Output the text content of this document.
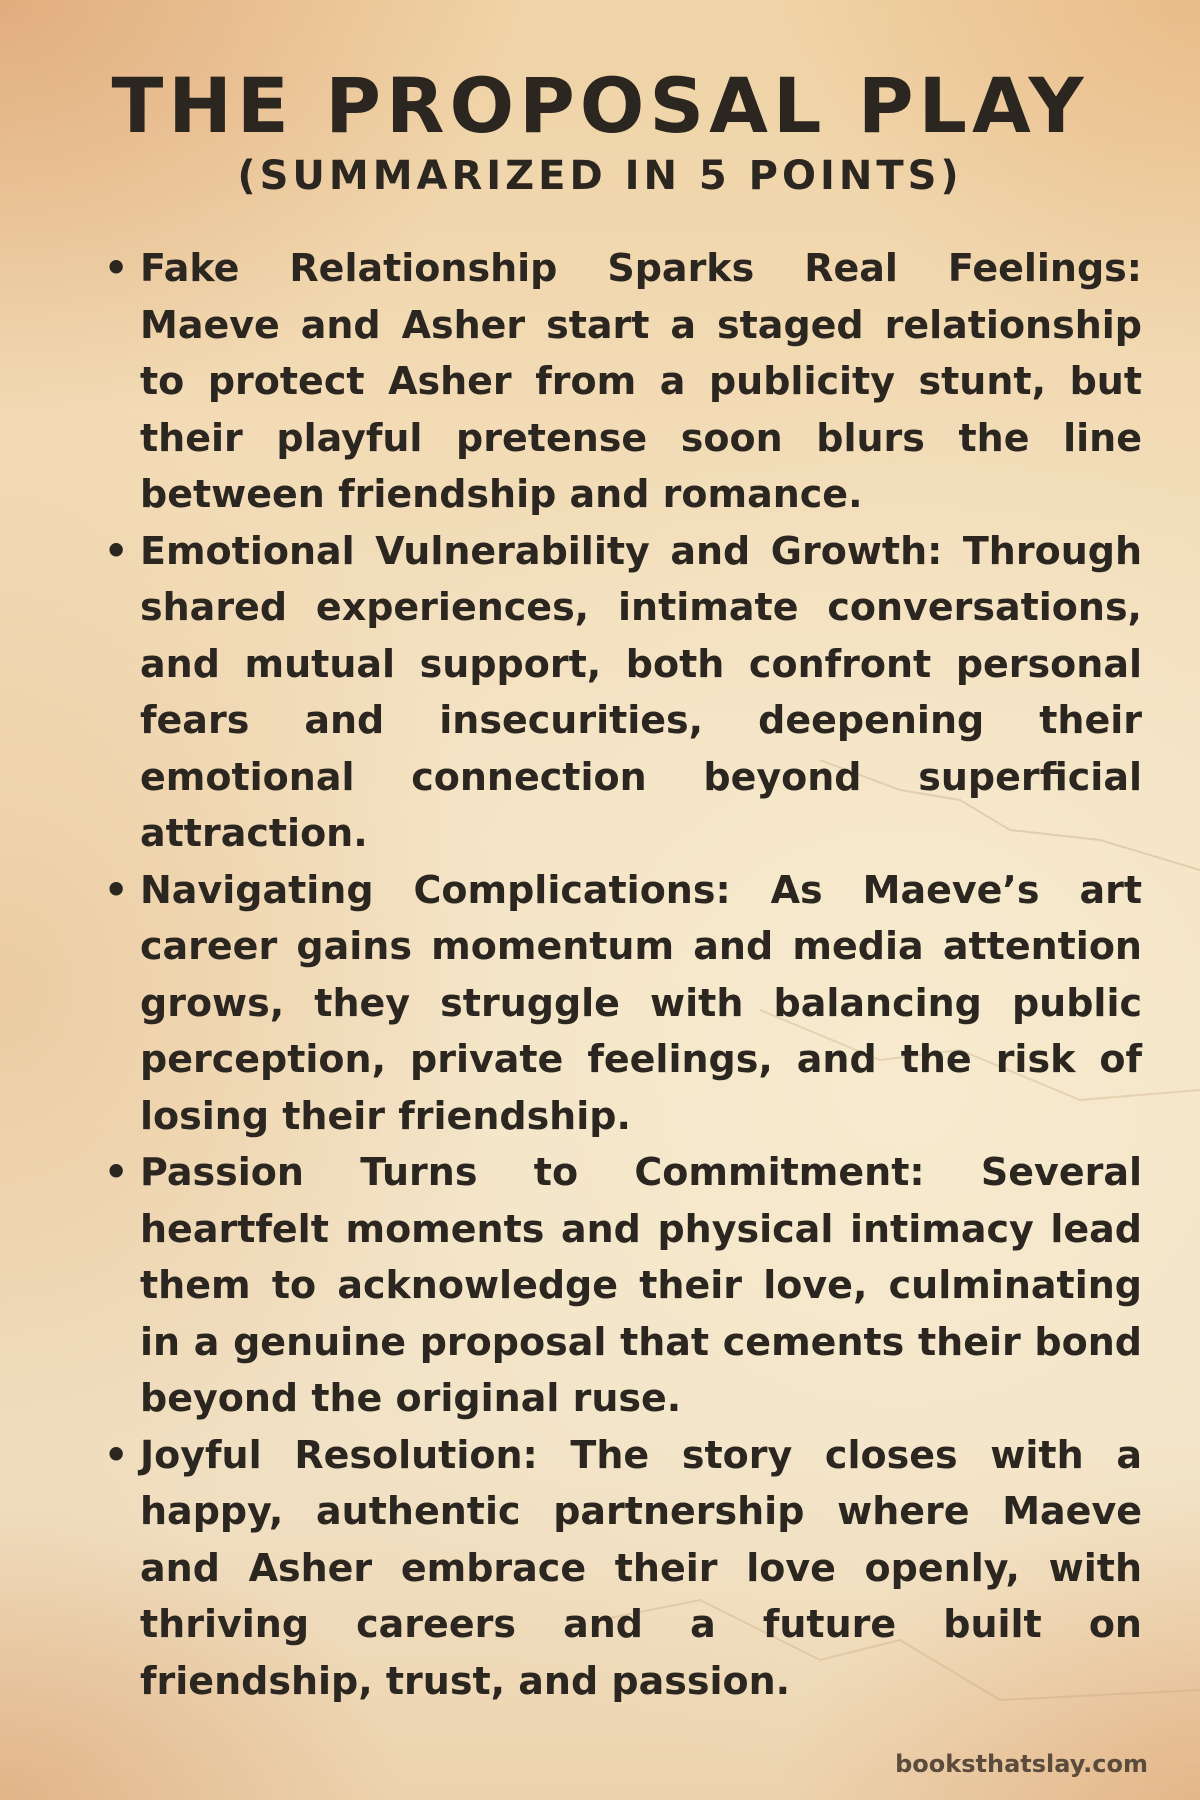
THE PROPOSAL PLAY

(SUMMARIZED IN 5 POINTS)

• Fake Relationship Sparks Real Feelings: Maeve and Asher start a staged relationship to protect Asher from a publicity stunt, but their playful pretense soon blurs the line between friendship and romance.
• Emotional Vulnerability and Growth: Through shared experiences, intimate conversations, and mutual support, both confront personal fears and insecurities, deepening their emotional connection beyond superficial attraction.
• Navigating Complications: As Maeve’s art career gains momentum and media attention grows, they struggle with balancing public perception, private feelings, and the risk of losing their friendship.
• Passion Turns to Commitment: Several heartfelt moments and physical intimacy lead them to acknowledge their love, culminating in a genuine proposal that cements their bond beyond the original ruse.
• Joyful Resolution: The story closes with a happy, authentic partnership where Maeve and Asher embrace their love openly, with thriving careers and a future built on friendship, trust, and passion.
booksthatslay.com
